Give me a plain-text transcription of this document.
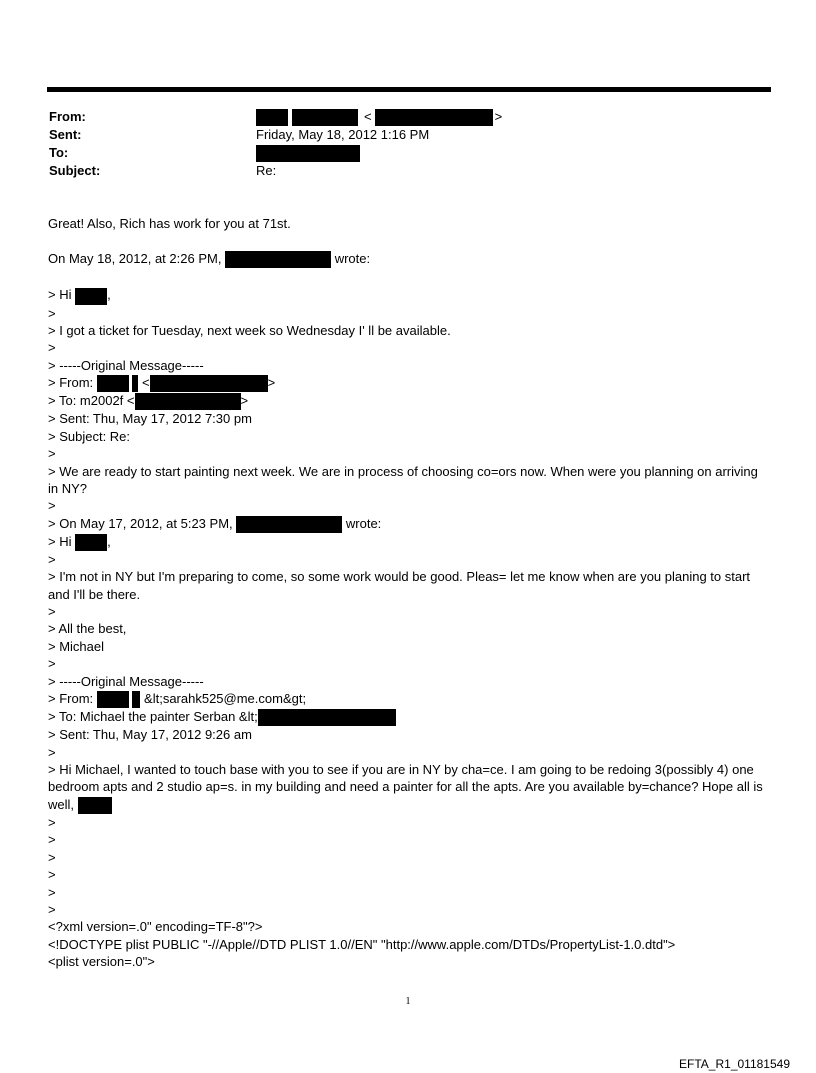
From:	<	>
Sent:	Friday, May 18, 2012 1:16 PM
To:
Subject:	Re:
Great! Also, Rich has work for you at 71st.
On May 18, 2012, at 2:26 PM,	wrote:
> Hi	,
>
> I got a ticket for Tuesday, next week so Wednesday I' ll be available.
>
> -----Original Message-----
> From:	<	>
> To: m2002f <	>
> Sent: Thu, May 17, 2012 7:30 pm
> Subject: Re:
>
> We are ready to start painting next week. We are in process of choosing co=ors now. When were you planning on arriving in NY?
>
> On May 17, 2012, at 5:23 PM,	wrote:
> Hi	,
>
> I'm not in NY but I'm preparing to come, so some work would be good. Pleas= let me know when are you planing to start and I'll be there.
>
> All the best,
> Michael
>
> -----Original Message-----
> From:	&lt;sarahk525@me.com&gt;
> To: Michael the painter Serban &lt;
> Sent: Thu, May 17, 2012 9:26 am
>
> Hi Michael, I wanted to touch base with you to see if you are in NY by cha=ce. I am going to be redoing 3(possibly 4) one bedroom apts and 2 studio ap=s. in my building and need a painter for all the apts. Are you available by=chance? Hope all is well,
>
>
>
>
>
>
<?xml version=.0" encoding=TF-8"?>
<!DOCTYPE plist PUBLIC "-//Apple//DTD PLIST 1.0//EN" "http://www.apple.com/DTDs/PropertyList-1.0.dtd">
<plist version=.0">
1
EFTA_R1_01181549
